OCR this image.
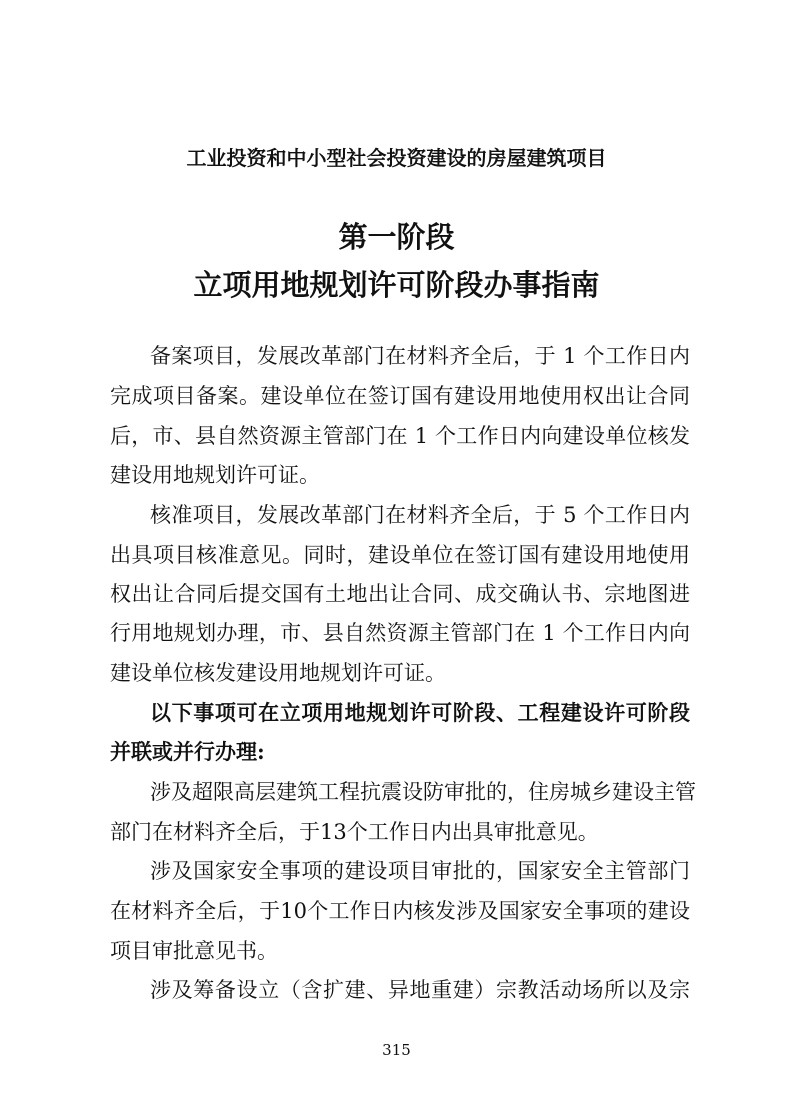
工业投资和中小型社会投资建设的房屋建筑项目
第一阶段
立项用地规划许可阶段办事指南
备案项目，发展改革部门在材料齐全后，于 1 个工作日内
完成项目备案。建设单位在签订国有建设用地使用权出让合同
后，市、县自然资源主管部门在 1 个工作日内向建设单位核发
建设用地规划许可证。
核准项目，发展改革部门在材料齐全后，于 5 个工作日内
出具项目核准意见。同时，建设单位在签订国有建设用地使用
权出让合同后提交国有土地出让合同、成交确认书、宗地图进
行用地规划办理，市、县自然资源主管部门在 1 个工作日内向
建设单位核发建设用地规划许可证。
以下事项可在立项用地规划许可阶段、工程建设许可阶段
并联或并行办理:
涉及超限高层建筑工程抗震设防审批的，住房城乡建设主管
部门在材料齐全后，于13个工作日内出具审批意见。
涉及国家安全事项的建设项目审批的，国家安全主管部门
在材料齐全后，于10个工作日内核发涉及国家安全事项的建设
项目审批意见书。
涉及筹备设立（含扩建、异地重建）宗教活动场所以及宗
315
